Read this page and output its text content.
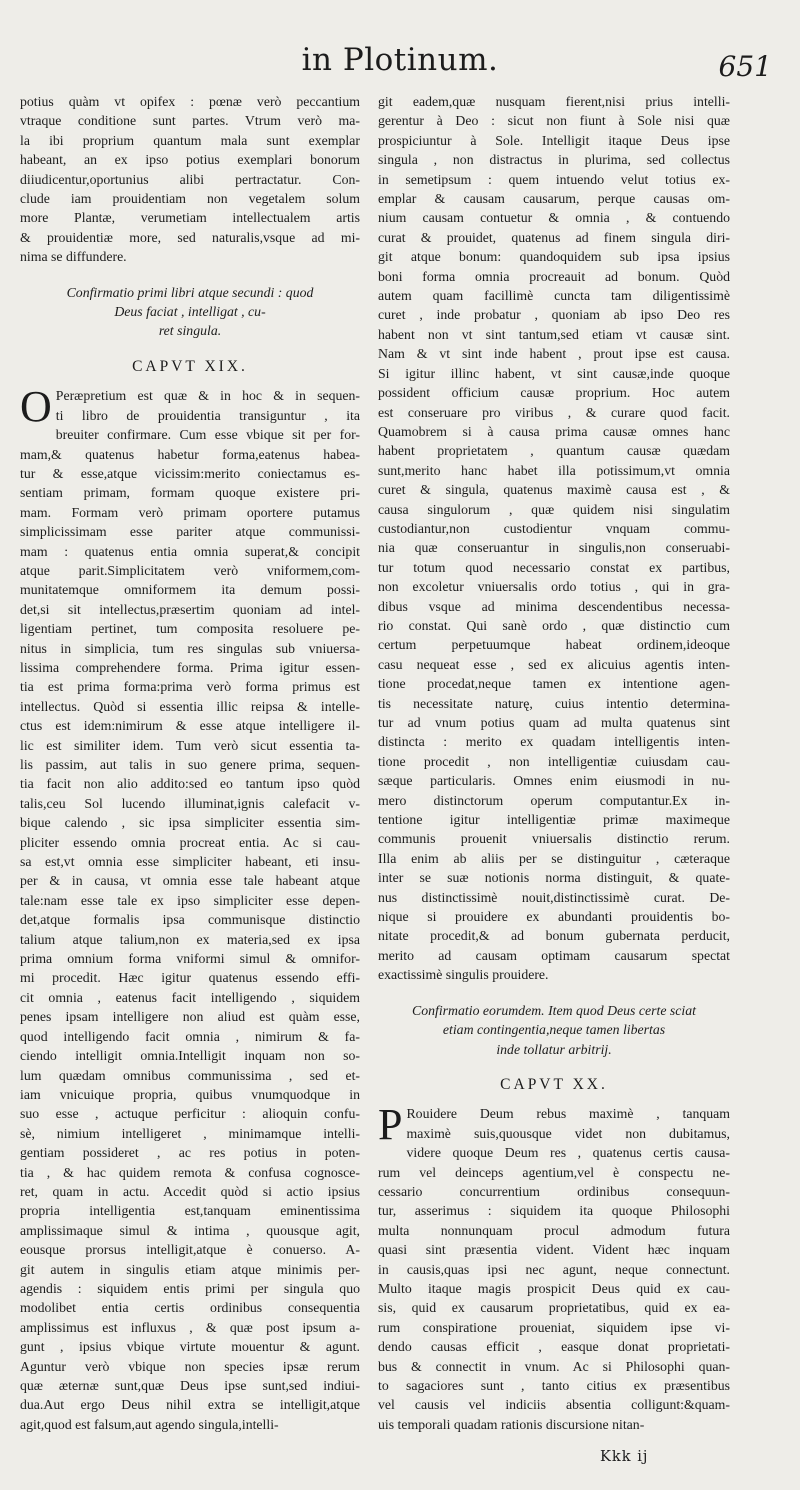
in Plotinum.	651
potius quàm vt opifex : pœnæ verò peccantium
vtraque conditione sunt partes. Vtrum verò ma-
la ibi proprium quantum mala sunt exemplar
habeant, an ex ipso potius exemplari bonorum
diiudicentur,oportunius alibi pertractatur. Con-
clude iam prouidentiam non vegetalem solum
more Plantæ, verumetiam intellectualem artis
& prouidentiæ more, sed naturalis,vsque ad mi-
nima se diffundere.
Confirmatio primi libri atque secundi : quod
Deus faciat , intelligat , cu-
ret singula.
CAPVT XIX.
O Peræpretium est quæ & in hoc & in sequen-
ti libro de prouidentia transiguntur , ita
breuiter confirmare. Cum esse vbique sit per for-
mam,& quatenus habetur forma,eatenus habea-
tur & esse,atque vicissim:merito coniectamus es-
sentiam primam, formam quoque existere pri-
mam. Formam verò primam oportere putamus
simplicissimam esse pariter atque communissi-
mam : quatenus entia omnia superat,& concipit
atque parit.Simplicitatem verò vniformem,com-
munitatemque omniformem ita demum possi-
det,si sit intellectus,præsertim quoniam ad intel-
ligentiam pertinet, tum composita resoluere pe-
nitus in simplicia, tum res singulas sub vniuersa-
lissima comprehendere forma. Prima igitur essen-
tia est prima forma:prima verò forma primus est
intellectus. Quòd si essentia illic reipsa & intelle-
ctus est idem:nimirum & esse atque intelligere il-
lic est similiter idem. Tum verò sicut essentia ta-
lis passim, aut talis in suo genere prima, sequen-
tia facit non alio addito:sed eo tantum ipso quòd
talis,ceu Sol lucendo illuminat,ignis calefacit v-
bique calendo , sic ipsa simpliciter essentia sim-
pliciter essendo omnia procreat entia. Ac si cau-
sa est,vt omnia esse simpliciter habeant, eti insu-
per & in causa, vt omnia esse tale habeant atque
tale:nam esse tale ex ipso simpliciter esse depen-
det,atque formalis ipsa communisque distinctio
talium atque talium,non ex materia,sed ex ipsa
prima omnium forma vniformi simul & omnifor-
mi procedit. Hæc igitur quatenus essendo effi-
cit omnia , eatenus facit intelligendo , siquidem
penes ipsam intelligere non aliud est quàm esse,
quod intelligendo facit omnia , nimirum & fa-
ciendo intelligit omnia.Intelligit inquam non so-
lum quædam omnibus communissima , sed et-
iam vnicuique propria, quibus vnumquodque in
suo esse , actuque perficitur : alioquin confu-
sè, nimium intelligeret , minimamque intelli-
gentiam possideret , ac res potius in poten-
tia , & hac quidem remota & confusa cognosce-
ret, quam in actu. Accedit quòd si actio ipsius
propria intelligentia est,tanquam eminentissima
amplissimaque simul & intima , quousque agit,
eousque prorsus intelligit,atque è conuerso. A-
git autem in singulis etiam atque minimis per-
agendis : siquidem entis primi per singula quo
modolibet entia certis ordinibus consequentia
amplissimus est influxus , & quæ post ipsum a-
gunt , ipsius vbique virtute mouentur & agunt.
Aguntur verò vbique non species ipsæ rerum
quæ æternæ sunt,quæ Deus ipse sunt,sed indiui-
dua.Aut ergo Deus nihil extra se intelligit,atque
agit,quod est falsum,aut agendo singula,intelli-
git eadem,quæ nusquam fierent,nisi prius intelli-
gerentur à Deo : sicut non fiunt à Sole nisi quæ
prospiciuntur à Sole. Intelligit itaque Deus ipse
singula , non distractus in plurima, sed collectus
in semetipsum : quem intuendo velut totius ex-
emplar & causam causarum, perque causas om-
nium causam contuetur & omnia , & contuendo
curat & prouidet, quatenus ad finem singula diri-
git atque bonum: quandoquidem sub ipsa ipsius
boni forma omnia procreauit ad bonum. Quòd
autem quam facillimè cuncta tam diligentissimè
curet , inde probatur , quoniam ab ipso Deo res
habent non vt sint tantum,sed etiam vt causæ sint.
Nam & vt sint inde habent , prout ipse est causa.
Si igitur illinc habent, vt sint causæ,inde quoque
possident officium causæ proprium. Hoc autem
est conseruare pro viribus , & curare quod facit.
Quamobrem si à causa prima causæ omnes hanc
habent proprietatem , quantum causæ quædam
sunt,merito hanc habet illa potissimum,vt omnia
curet & singula, quatenus maximè causa est , &
causa singulorum , quæ quidem nisi singulatim
custodiantur,non custodientur vnquam commu-
nia quæ conseruantur in singulis,non conseruabi-
tur totum quod necessario constat ex partibus,
non excoletur vniuersalis ordo totius , qui in gra-
dibus vsque ad minima descendentibus necessa-
rio constat. Qui sanè ordo , quæ distinctio cum
certum perpetuumque habeat ordinem,ideoque
casu nequeat esse , sed ex alicuius agentis inten-
tione procedat,neque tamen ex intentione agen-
tis necessitate naturę, cuius intentio determina-
tur ad vnum potius quam ad multa quatenus sint
distincta : merito ex quadam intelligentis inten-
tione procedit , non intelligentiæ cuiusdam cau-
sæque particularis. Omnes enim eiusmodi in nu-
mero distinctorum operum computantur.Ex in-
tentione igitur intelligentiæ primæ maximeque
communis prouenit vniuersalis distinctio rerum.
Illa enim ab aliis per se distinguitur , cæteraque
inter se suæ notionis norma distinguit, & quate-
nus distinctissimè nouit,distinctissimè curat. De-
nique si prouidere ex abundanti prouidentis bo-
nitate procedit,& ad bonum gubernata perducit,
merito ad causam optimam causarum spectat
exactissimè singulis prouidere.
Confirmatio eorumdem. Item quod Deus certe sciat
etiam contingentia,neque tamen libertas
inde tollatur arbitrij.
CAPVT XX.
P Rouidere Deum rebus maximè , tanquam
maximè suis,quousque videt non dubitamus,
videre quoque Deum res , quatenus certis causa-
rum vel deinceps agentium,vel è conspectu ne-
cessario concurrentium ordinibus consequun-
tur, asserimus : siquidem ita quoque Philosophi
multa nonnunquam procul admodum futura
quasi sint præsentia vident. Vident hæc inquam
in causis,quas ipsi nec agunt, neque connectunt.
Multo itaque magis prospicit Deus quid ex cau-
sis, quid ex causarum proprietatibus, quid ex ea-
rum conspiratione proueniat, siquidem ipse vi-
dendo causas efficit , easque donat proprietati-
bus & connectit in vnum. Ac si Philosophi quan-
to sagaciores sunt , tanto citius ex præsentibus
vel causis vel indiciis absentia colligunt:&quam-
uis temporali quadam rationis discursione nitan-
Kkk ij
